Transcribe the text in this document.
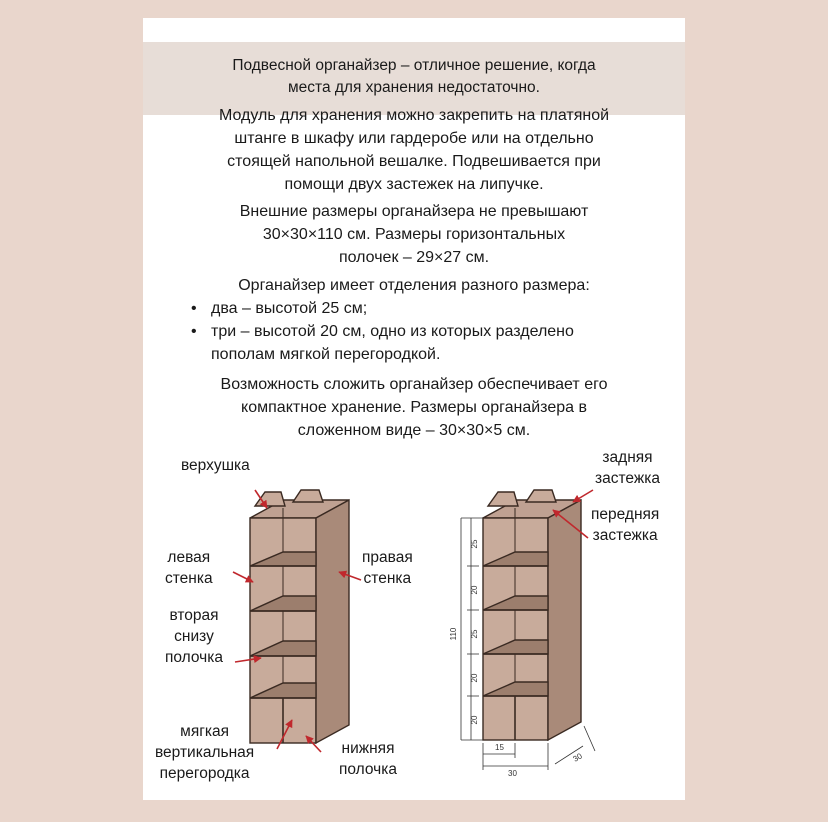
Подвесной органайзер – отличное решение, когда
места для хранения недостаточно.
Модуль для хранения можно закрепить на платяной
штанге в шкафу или гардеробе или на отдельно
стоящей напольной вешалке. Подвешивается при
помощи двух застежек на липучке.
Внешние размеры органайзера не превышают
30×30×110 см. Размеры горизонтальных
полочек – 29×27 см.
Органайзер имеет отделения разного размера:
• два – высотой 25 см;
• три – высотой 20 см, одно из которых разделено
пополам мягкой перегородкой.
Возможность сложить органайзер обеспечивает его
компактное хранение. Размеры органайзера в
сложенном виде – 30×30×5 см.
110
25
20
25
20
20
15
30
30
верхушка
левая
стенка
правая
стенка
вторая
снизу
полочка
мягкая
вертикальная
перегородка
нижняя
полочка
задняя
застежка
передняя
застежка
